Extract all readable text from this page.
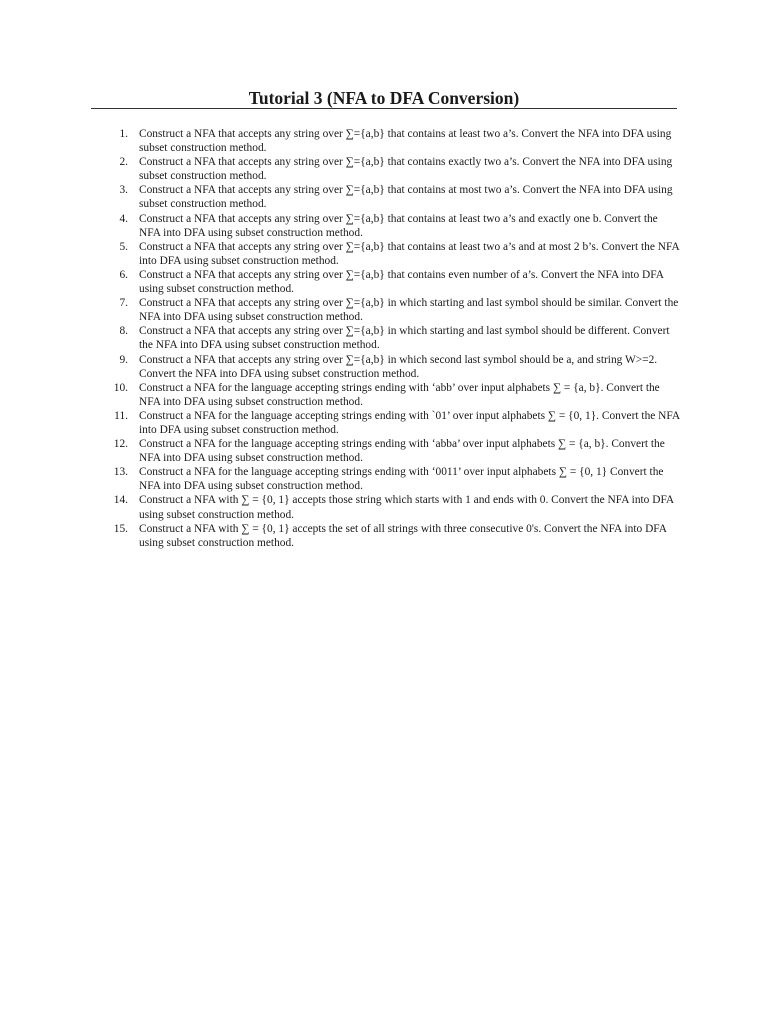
Tutorial 3 (NFA to DFA Conversion)
1. Construct a NFA that accepts any string over ∑={a,b} that contains at least two a’s. Convert the NFA into DFA using subset construction method.
2. Construct a NFA that accepts any string over ∑={a,b} that contains exactly two a’s. Convert the NFA into DFA using subset construction method.
3. Construct a NFA that accepts any string over ∑={a,b} that contains at most two a’s. Convert the NFA into DFA using subset construction method.
4. Construct a NFA that accepts any string over ∑={a,b} that contains at least two a’s and exactly one b. Convert the NFA into DFA using subset construction method.
5. Construct a NFA that accepts any string over ∑={a,b} that contains at least two a’s and at most 2 b’s. Convert the NFA into DFA using subset construction method.
6. Construct a NFA that accepts any string over ∑={a,b} that contains even number of a’s. Convert the NFA into DFA using subset construction method.
7. Construct a NFA that accepts any string over ∑={a,b} in which starting and last symbol should be similar. Convert the NFA into DFA using subset construction method.
8. Construct a NFA that accepts any string over ∑={a,b} in which starting and last symbol should be different. Convert the NFA into DFA using subset construction method.
9. Construct a NFA that accepts any string over ∑={a,b} in which second last symbol should be a, and string W>=2. Convert the NFA into DFA using subset construction method.
10. Construct a NFA for the language accepting strings ending with ‘abb’ over input alphabets ∑ = {a, b}. Convert the NFA into DFA using subset construction method.
11. Construct a NFA for the language accepting strings ending with `01’ over input alphabets ∑ = {0, 1}. Convert the NFA into DFA using subset construction method.
12. Construct a NFA for the language accepting strings ending with ‘abba’ over input alphabets ∑ = {a, b}. Convert the NFA into DFA using subset construction method.
13. Construct a NFA for the language accepting strings ending with ‘0011’ over input alphabets ∑ = {0, 1} Convert the NFA into DFA using subset construction method.
14. Construct a NFA with ∑ = {0, 1} accepts those string which starts with 1 and ends with 0. Convert the NFA into DFA using subset construction method.
15. Construct a NFA with ∑ = {0, 1} accepts the set of all strings with three consecutive 0's. Convert the NFA into DFA using subset construction method.
